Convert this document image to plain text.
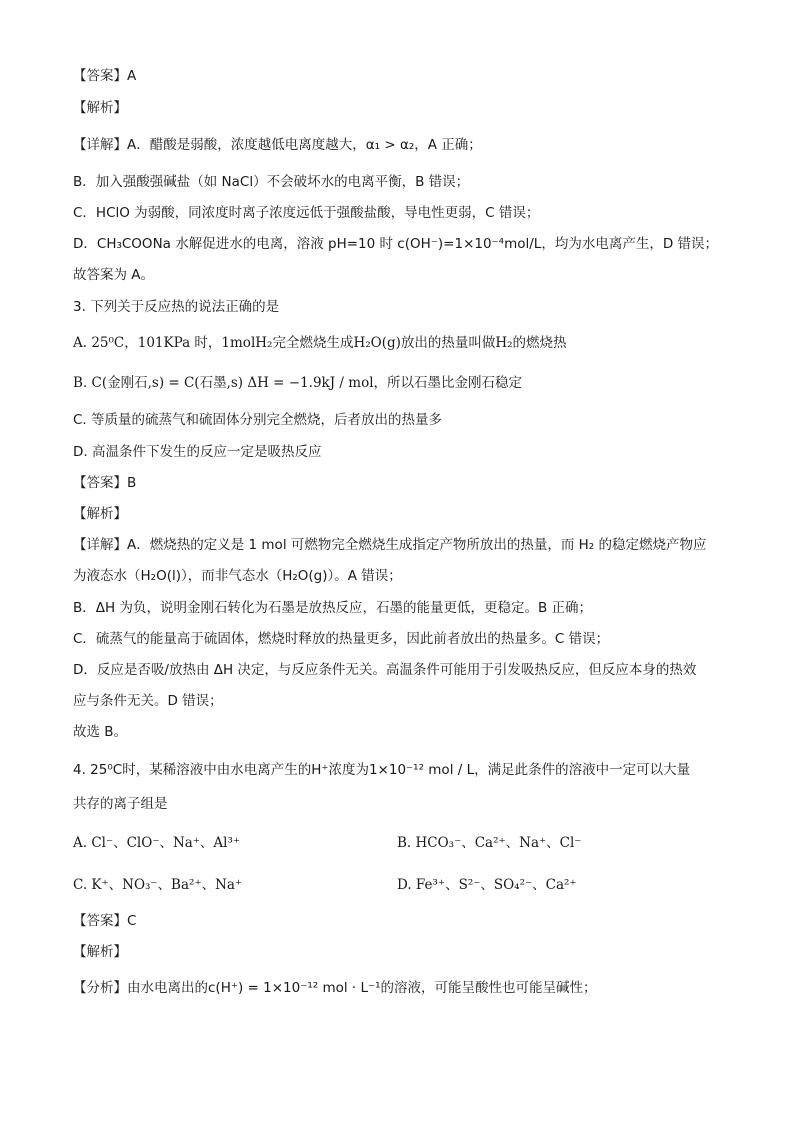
【答案】A
【解析】
【详解】A．醋酸是弱酸，浓度越低电离度越大，α₁ > α₂，A 正确；
B．加入强酸强碱盐（如 NaCl）不会破坏水的电离平衡，B 错误；
C．HClO 为弱酸，同浓度时离子浓度远低于强酸盐酸，导电性更弱，C 错误；
D．CH₃COONa 水解促进水的电离，溶液 pH=10 时 c(OH⁻)=1×10⁻⁴mol/L，均为水电离产生，D 错误；
故答案为 A。
3. 下列关于反应热的说法正确的是
A. 25⁰C，101KPa 时，1molH₂完全燃烧生成H₂O(g)放出的热量叫做H₂的燃烧热
B. C(金刚石,s) = C(石墨,s) ΔH = −1.9kJ / mol，所以石墨比金刚石稳定
C. 等质量的硫蒸气和硫固体分别完全燃烧，后者放出的热量多
D. 高温条件下发生的反应一定是吸热反应
【答案】B
【解析】
【详解】A．燃烧热的定义是 1 mol 可燃物完全燃烧生成指定产物所放出的热量，而 H₂ 的稳定燃烧产物应
为液态水（H₂O(l)），而非气态水（H₂O(g)）。A 错误；
B．ΔH 为负，说明金刚石转化为石墨是放热反应，石墨的能量更低，更稳定。B 正确；
C．硫蒸气的能量高于硫固体，燃烧时释放的热量更多，因此前者放出的热量多。C 错误；
D．反应是否吸/放热由 ΔH 决定，与反应条件无关。高温条件可能用于引发吸热反应，但反应本身的热效
应与条件无关。D 错误；
故选 B。
4. 25⁰C时，某稀溶液中由水电离产生的H⁺浓度为1×10⁻¹² mol / L，满足此条件的溶液中一定可以大量
共存的离子组是
A. Cl⁻、ClO⁻、Na⁺、Al³⁺	B. HCO₃⁻、Ca²⁺、Na⁺、Cl⁻
C. K⁺、NO₃⁻、Ba²⁺、Na⁺	D. Fe³⁺、S²⁻、SO₄²⁻、Ca²⁺
【答案】C
【解析】
【分析】由水电离出的c(H⁺) = 1×10⁻¹² mol · L⁻¹的溶液，可能呈酸性也可能呈碱性；
